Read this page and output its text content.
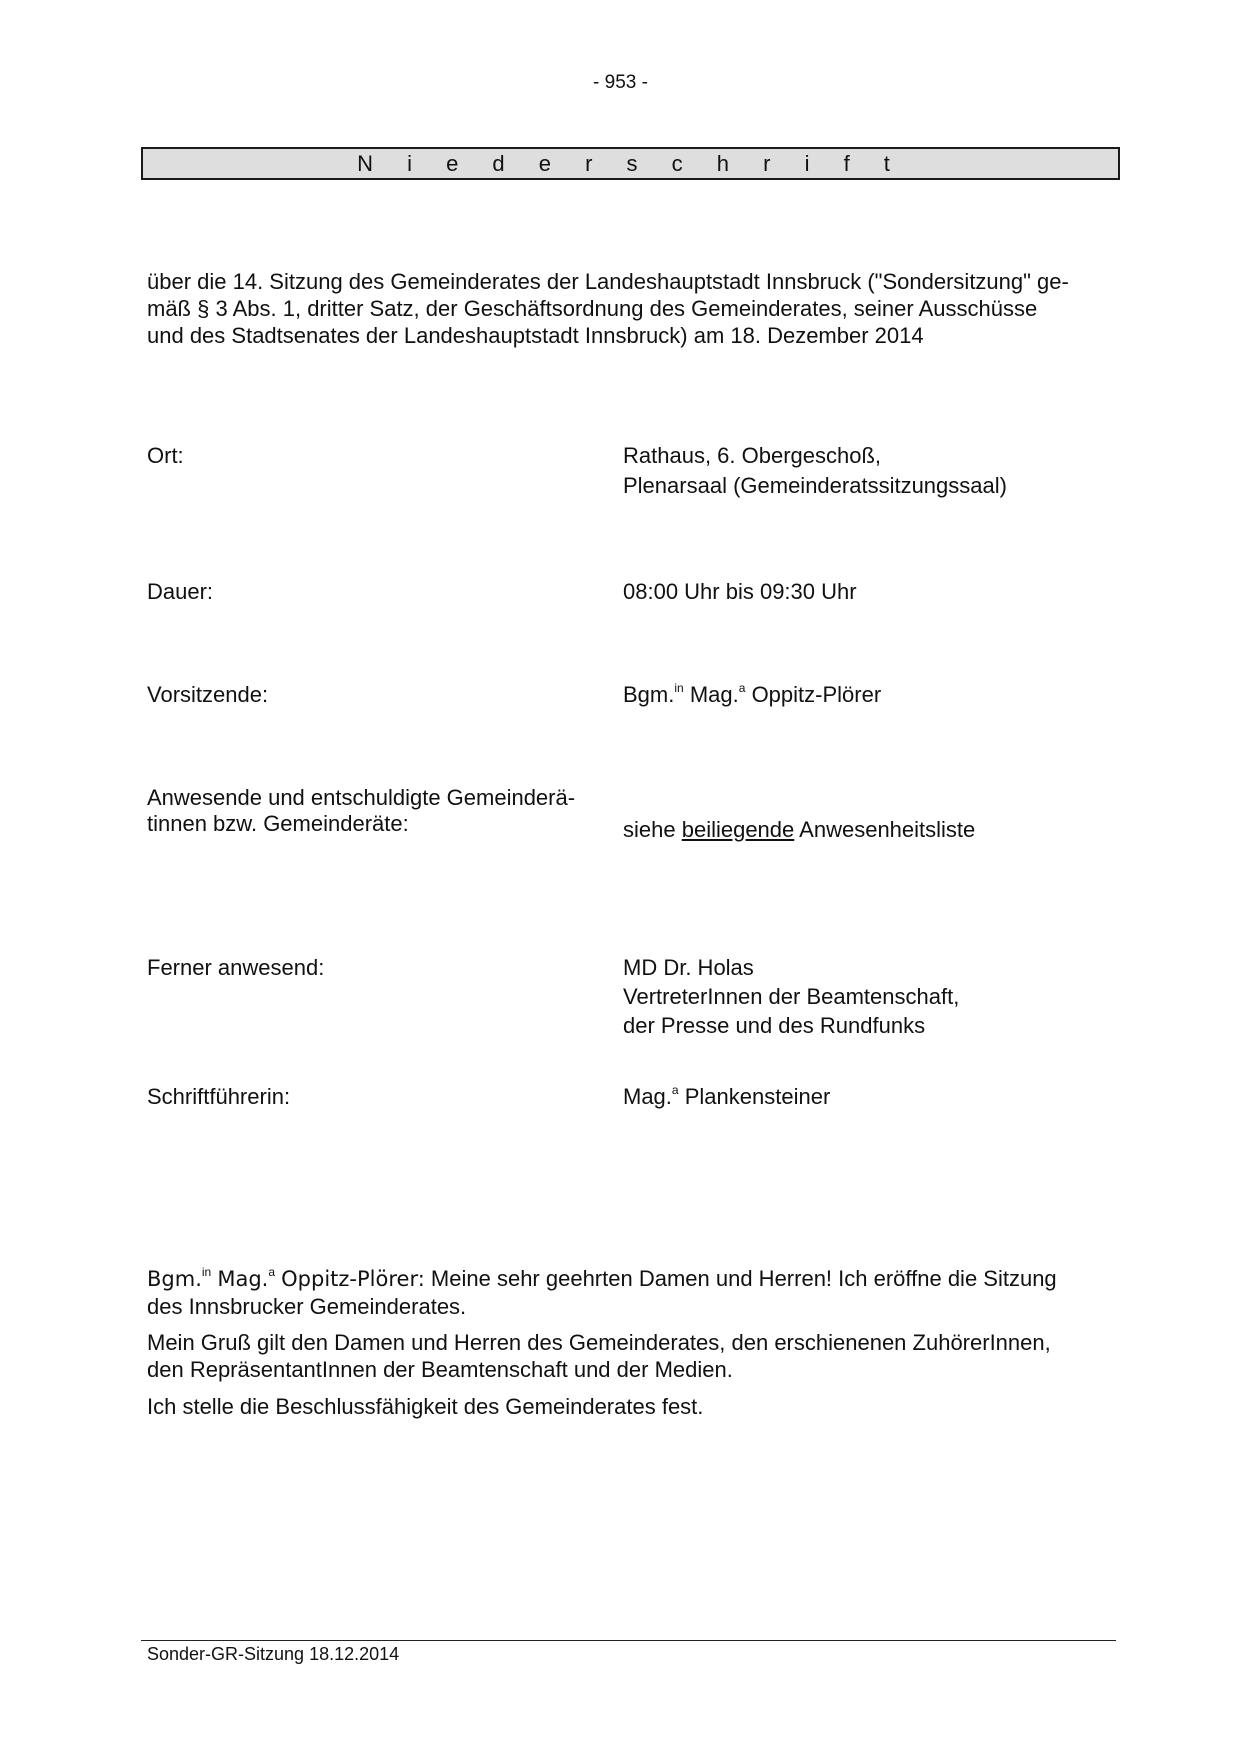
- 953 -
N i e d e r s c h r i f t
über die 14. Sitzung des Gemeinderates der Landeshauptstadt Innsbruck ("Sondersitzung" ge-
mäß § 3 Abs. 1, dritter Satz, der Geschäftsordnung des Gemeinderates, seiner Ausschüsse
und des Stadtsenates der Landeshauptstadt Innsbruck) am 18. Dezember 2014
Ort:	Rathaus, 6. Obergeschoß,
Plenarsaal (Gemeinderatssitzungssaal)
Dauer:	08:00 Uhr bis 09:30 Uhr
Vorsitzende:	Bgm.$^{in}$ Mag.$^a$ Oppitz-Plörer
Anwesende und entschuldigte Gemeinderä-
tinnen bzw. Gemeinderäte:	siehe beiliegende Anwesenheitsliste
Ferner anwesend:	MD Dr. Holas
VertreterInnen der Beamtenschaft,
der Presse und des Rundfunks
Schriftführerin:	Mag.$^a$ Plankensteiner
Bgm.$^{in}$ Mag.$^a$ Oppitz-Plörer: Meine sehr geehrten Damen und Herren! Ich eröffne die Sitzung
des Innsbrucker Gemeinderates.
Mein Gruß gilt den Damen und Herren des Gemeinderates, den erschienenen ZuhörerInnen,
den RepräsentantInnen der Beamtenschaft und der Medien.
Ich stelle die Beschlussfähigkeit des Gemeinderates fest.
Sonder-GR-Sitzung 18.12.2014
